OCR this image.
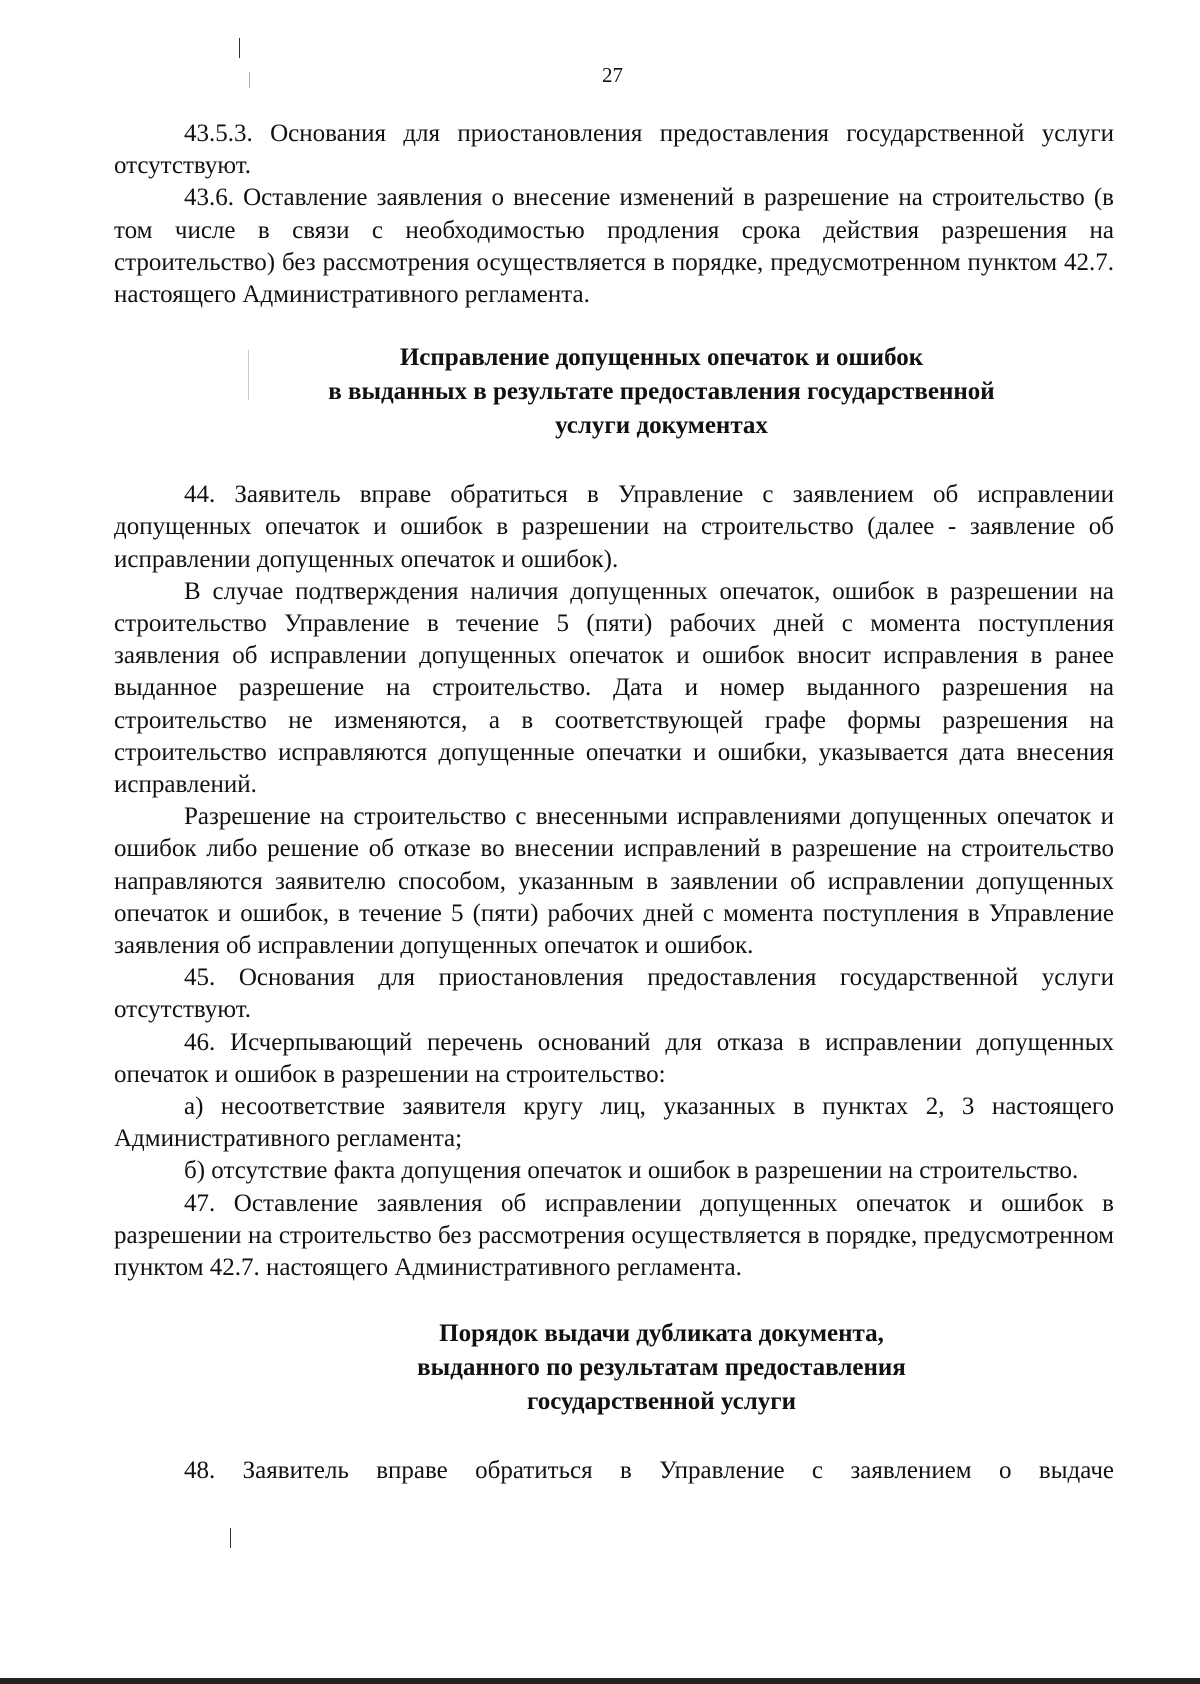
27

43.5.3. Основания для приостановления предоставления государственной услуги отсутствуют.

43.6. Оставление заявления о внесение изменений в разрешение на строительство (в том числе в связи с необходимостью продления срока действия разрешения на строительство) без рассмотрения осуществляется в порядке, предусмотренном пунктом 42.7. настоящего Административного регламента.

Исправление допущенных опечаток и ошибок
в выданных в результате предоставления государственной
услуги документах

44. Заявитель вправе обратиться в Управление с заявлением об исправлении допущенных опечаток и ошибок в разрешении на строительство (далее - заявление об исправлении допущенных опечаток и ошибок).

В случае подтверждения наличия допущенных опечаток, ошибок в разрешении на строительство Управление в течение 5 (пяти) рабочих дней с момента поступления заявления об исправлении допущенных опечаток и ошибок вносит исправления в ранее выданное разрешение на строительство. Дата и номер выданного разрешения на строительство не изменяются, а в соответствующей графе формы разрешения на строительство исправляются допущенные опечатки и ошибки, указывается дата внесения исправлений.

Разрешение на строительство с внесенными исправлениями допущенных опечаток и ошибок либо решение об отказе во внесении исправлений в разрешение на строительство направляются заявителю способом, указанным в заявлении об исправлении допущенных опечаток и ошибок, в течение 5 (пяти) рабочих дней с момента поступления в Управление заявления об исправлении допущенных опечаток и ошибок.

45. Основания для приостановления предоставления государственной услуги отсутствуют.

46. Исчерпывающий перечень оснований для отказа в исправлении допущенных опечаток и ошибок в разрешении на строительство:

а) несоответствие заявителя кругу лиц, указанных в пунктах 2, 3 настоящего Административного регламента;

б) отсутствие факта допущения опечаток и ошибок в разрешении на строительство.

47. Оставление заявления об исправлении допущенных опечаток и ошибок в разрешении на строительство без рассмотрения осуществляется в порядке, предусмотренном пунктом 42.7. настоящего Административного регламента.

Порядок выдачи дубликата документа,
выданного по результатам предоставления
государственной услуги

48. Заявитель вправе обратиться в Управление с заявлением о выдаче
